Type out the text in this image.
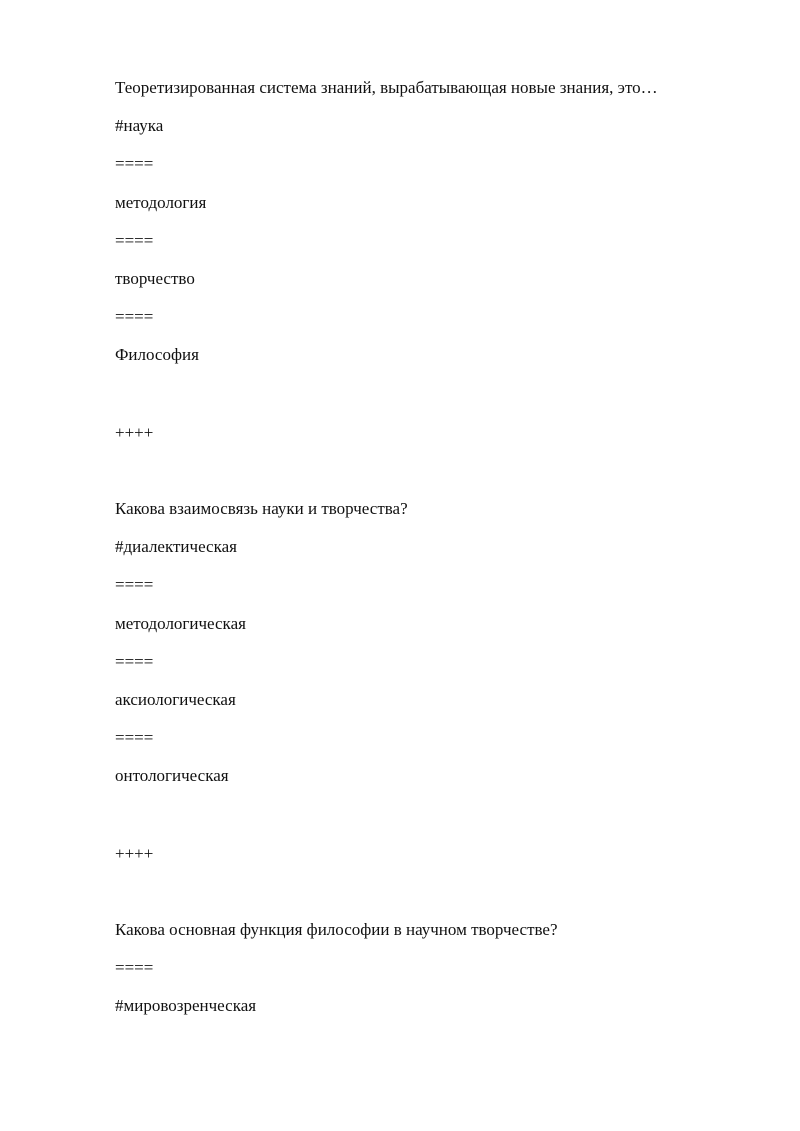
Теоретизированная система знаний, вырабатывающая новые знания, это…
#наука
====
методология
====
творчество
====
Философия
++++
Какова взаимосвязь науки и творчества?
#диалектическая
====
методологическая
====
аксиологическая
====
онтологическая
++++
Какова основная функция философии в научном творчестве?
====
#мировозренческая
